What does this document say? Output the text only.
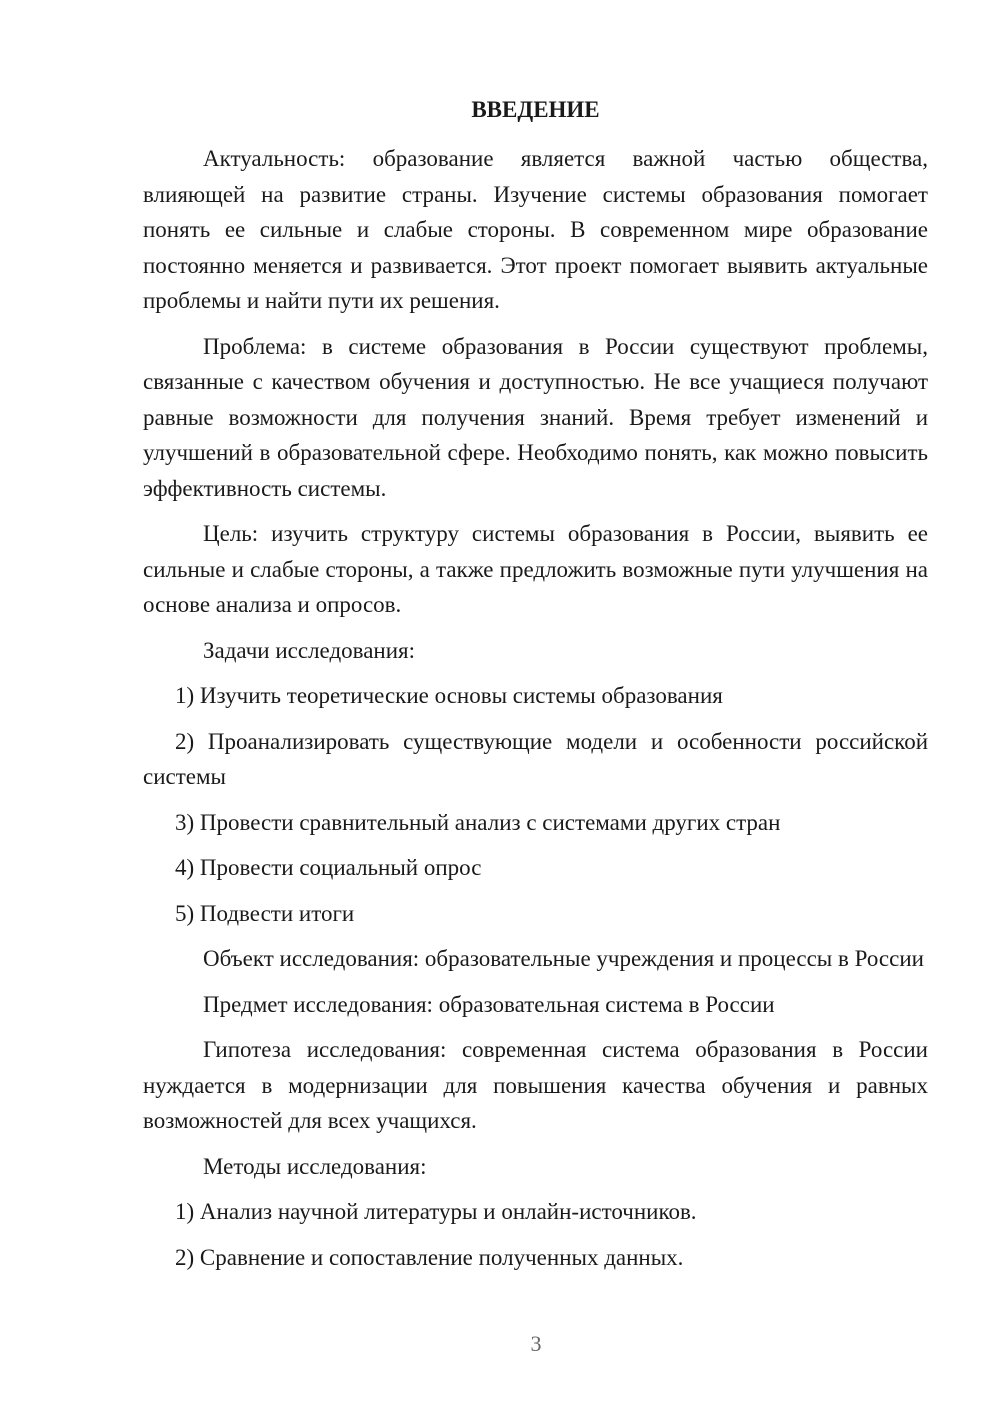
ВВЕДЕНИЕ

Актуальность: образование является важной частью общества, влияющей на развитие страны. Изучение системы образования помогает понять ее сильные и слабые стороны. В современном мире образование постоянно меняется и развивается. Этот проект помогает выявить актуальные проблемы и найти пути их решения.

Проблема: в системе образования в России существуют проблемы, связанные с качеством обучения и доступностью. Не все учащиеся получают равные возможности для получения знаний. Время требует изменений и улучшений в образовательной сфере. Необходимо понять, как можно повысить эффективность системы.

Цель: изучить структуру системы образования в России, выявить ее сильные и слабые стороны, а также предложить возможные пути улучшения на основе анализа и опросов.

Задачи исследования:

1) Изучить теоретические основы системы образования

2) Проанализировать существующие модели и особенности российской системы

3) Провести сравнительный анализ с системами других стран

4) Провести социальный опрос

5) Подвести итоги

Объект исследования: образовательные учреждения и процессы в России

Предмет исследования: образовательная система в России

Гипотеза исследования: современная система образования в России нуждается в модернизации для повышения качества обучения и равных возможностей для всех учащихся.

Методы исследования:

1) Анализ научной литературы и онлайн-источников.

2) Сравнение и сопоставление полученных данных.

3
